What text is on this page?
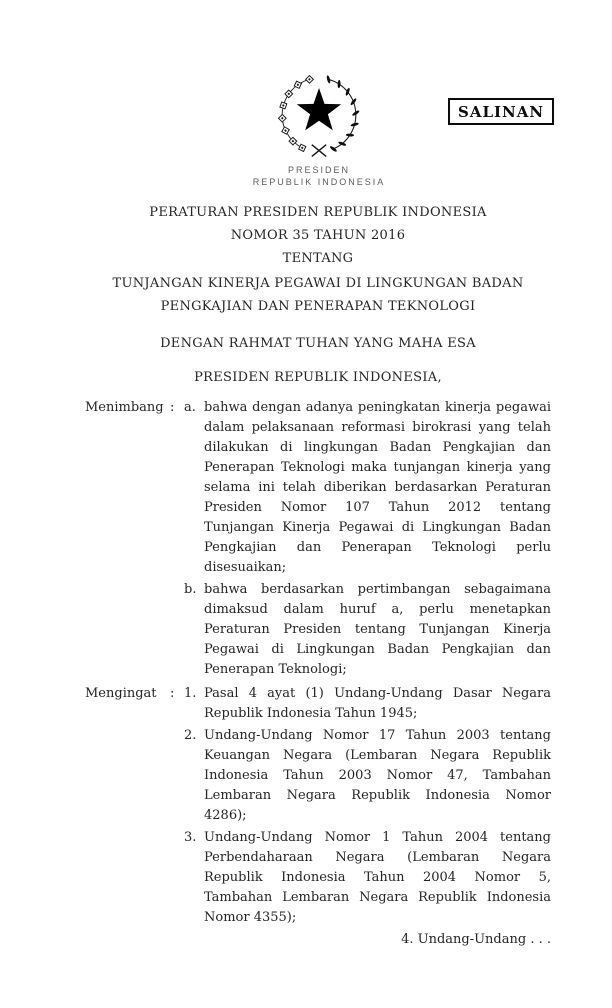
SALINAN
PRESIDEN
REPUBLIK INDONESIA
PERATURAN PRESIDEN REPUBLIK INDONESIA
NOMOR 35 TAHUN 2016
TENTANG
TUNJANGAN KINERJA PEGAWAI DI LINGKUNGAN BADAN
PENGKAJIAN DAN PENERAPAN TEKNOLOGI
DENGAN RAHMAT TUHAN YANG MAHA ESA
PRESIDEN REPUBLIK INDONESIA,
Menimbang : a. bahwa dengan adanya peningkatan kinerja pegawai dalam pelaksanaan reformasi birokrasi yang telah dilakukan di lingkungan Badan Pengkajian dan Penerapan Teknologi maka tunjangan kinerja yang selama ini telah diberikan berdasarkan Peraturan Presiden Nomor 107 Tahun 2012 tentang Tunjangan Kinerja Pegawai di Lingkungan Badan Pengkajian dan Penerapan Teknologi perlu disesuaikan;
b. bahwa berdasarkan pertimbangan sebagaimana dimaksud dalam huruf a, perlu menetapkan Peraturan Presiden tentang Tunjangan Kinerja Pegawai di Lingkungan Badan Pengkajian dan Penerapan Teknologi;
Mengingat	: 1. Pasal 4 ayat (1) Undang-Undang Dasar Negara Republik Indonesia Tahun 1945;
2. Undang-Undang Nomor 17 Tahun 2003 tentang Keuangan Negara (Lembaran Negara Republik Indonesia Tahun 2003 Nomor 47, Tambahan Lembaran Negara Republik Indonesia Nomor 4286);
3. Undang-Undang Nomor 1 Tahun 2004 tentang Perbendaharaan Negara (Lembaran Negara Republik Indonesia Tahun 2004 Nomor 5, Tambahan Lembaran Negara Republik Indonesia Nomor 4355);
4. Undang-Undang . . .
